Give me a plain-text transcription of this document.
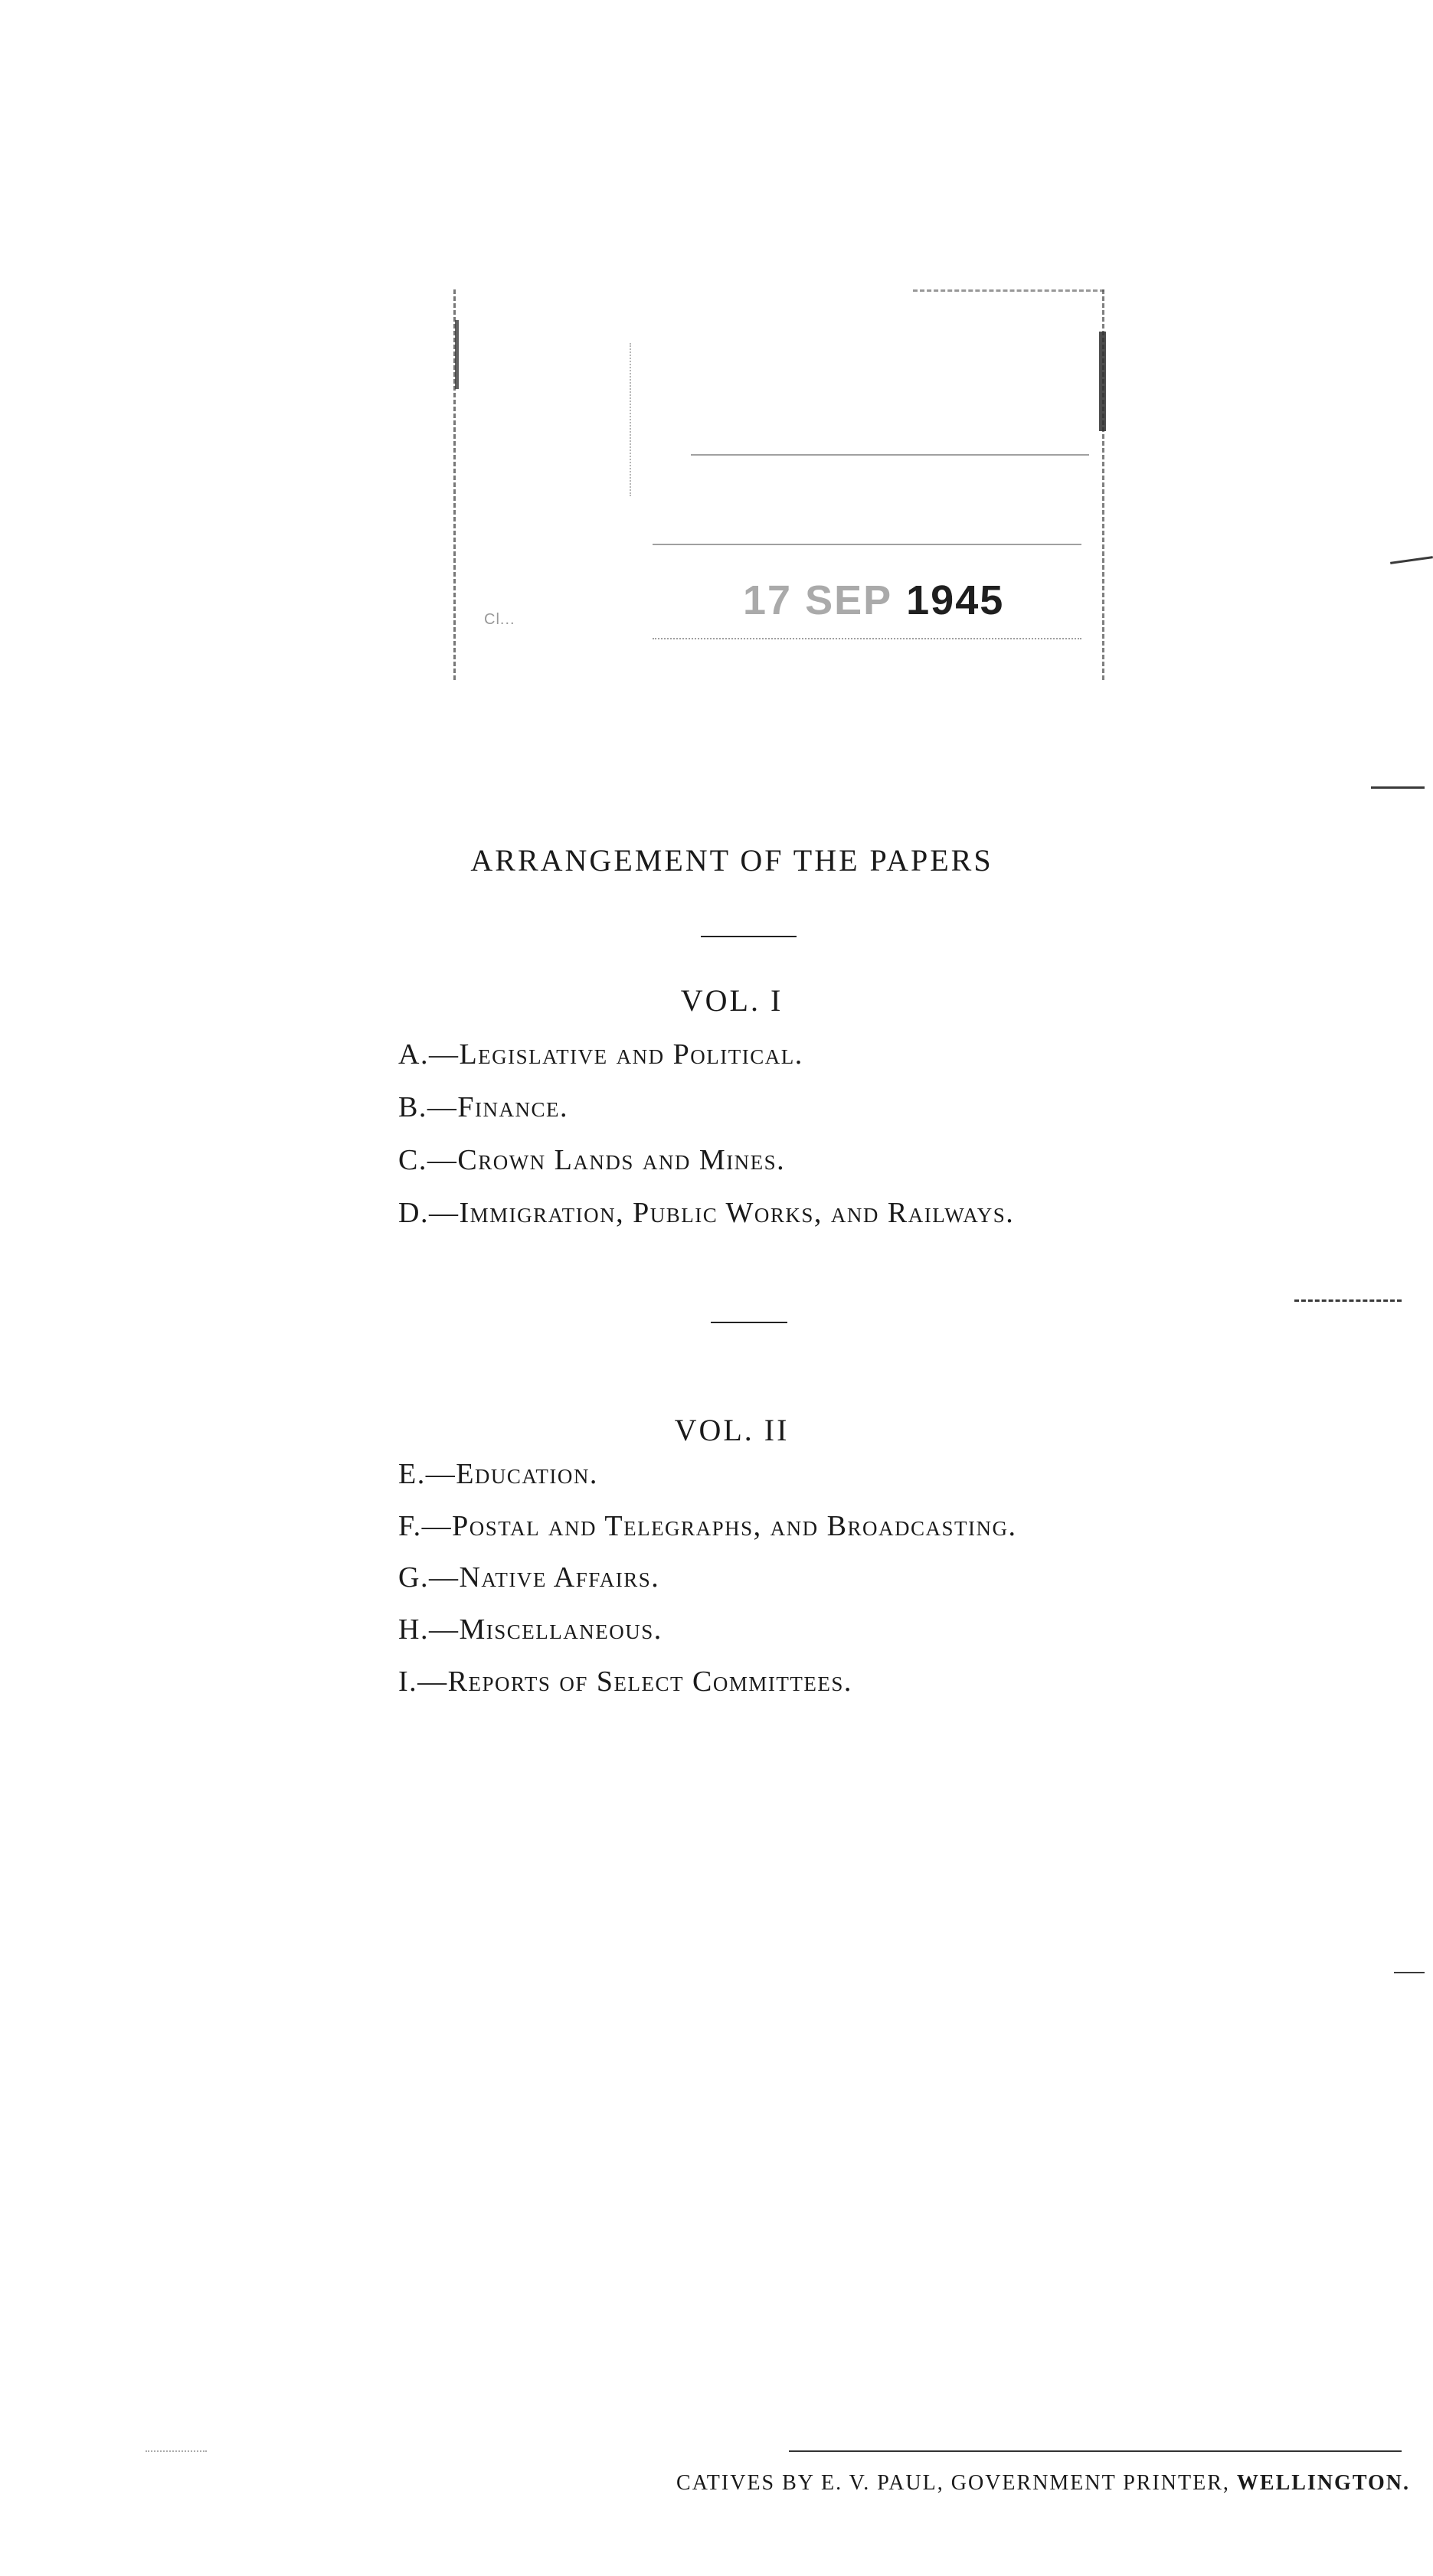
Cl...	17 SEP 1945
ARRANGEMENT OF THE PAPERS
VOL. I
A.—Legislative and Political.
B.—Finance.
C.—Crown Lands and Mines.
D.—Immigration, Public Works, and Railways.
VOL. II
E.—Education.
F.—Postal and Telegraphs, and Broadcasting.
G.—Native Affairs.
H.—Miscellaneous.
I.—Reports of Select Committees.
CATIVES BY E. V. PAUL, GOVERNMENT PRINTER, WELLINGTON.
